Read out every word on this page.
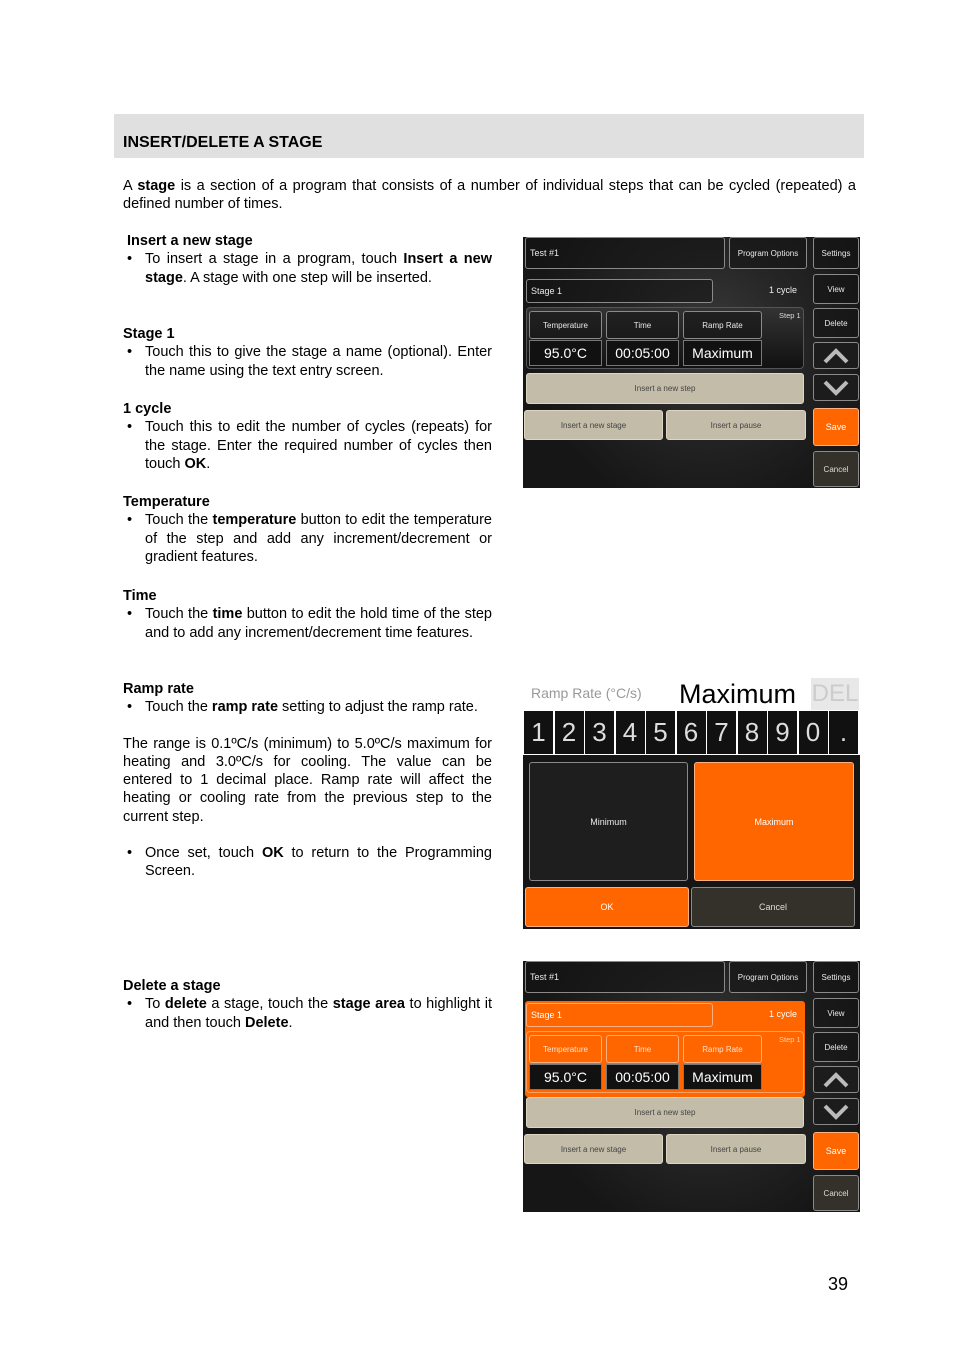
INSERT/DELETE A STAGE
A stage is a section of a program that consists of a number of individual steps that can be cycled (repeated) a defined number of times.
Insert a new stage
• To insert a stage in a program, touch Insert a new stage. A stage with one step will be inserted.
Stage 1
• Touch this to give the stage a name (optional). Enter the name using the text entry screen.
1 cycle
• Touch this to edit the number of cycles (repeats) for the stage. Enter the required number of cycles then touch OK.
Temperature
• Touch the temperature button to edit the temperature of the step and add any increment/decrement or gradient features.
Time
• Touch the time button to edit the hold time of the step and to add any increment/decrement time features.
Ramp rate
• Touch the ramp rate setting to adjust the ramp rate.
The range is 0.1ºC/s (minimum) to 5.0ºC/s maximum for heating and 3.0ºC/s for cooling. The value can be entered to 1 decimal place. Ramp rate will affect the heating or cooling rate from the previous step to the current step.
• Once set, touch OK to return to the Programming Screen.
Delete a stage
• To delete a stage, touch the stage area to highlight it and then touch Delete.
Test #1	Program Options	Settings
Stage 1	1 cycle	View
Step 1
Temperature	Time	Ramp Rate
95.0°C	00:05:00	Maximum
Delete
Insert a new step
Insert a new stage	Insert a pause	Save
Cancel
Ramp Rate (°C/s) Maximum DEL
1 2 3 4 5 6 7 8 9 0 .
Minimum	Maximum
OK	Cancel
Test #1	Program Options	Settings
Stage 1	1 cycle	View
Step 1
Temperature	Time	Ramp Rate
95.0°C	00:05:00	Maximum
Delete
Insert a new step
Insert a new stage	Insert a pause	Save
Cancel
39
